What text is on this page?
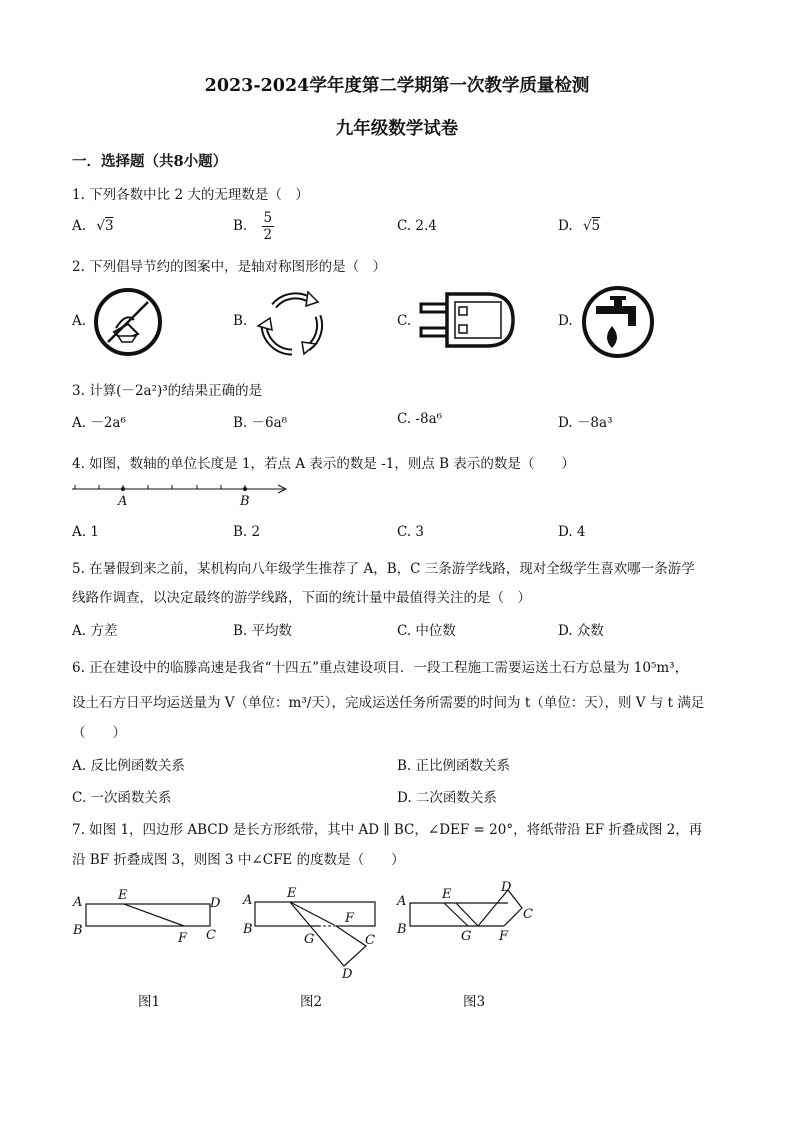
2023-2024学年度第二学期第一次教学质量检测
九年级数学试卷
一．选择题（共8小题）
1. 下列各数中比 2 大的无理数是（　）
A. √3	B. $\frac{5}{2}$	C. 2.4	D. √5
2. 下列倡导节约的图案中，是轴对称图形的是（　）
A.	B.	C.	D.
3. 计算(－2a²)³的结果正确的是
A. －2a⁶	B. －6a⁸	C. -8a⁶	D. －8a³
4. 如图，数轴的单位长度是 1，若点 A 表示的数是 -1，则点 B 表示的数是（　　）
A	B
A. 1	B. 2	C. 3	D. 4
5. 在暑假到来之前，某机构向八年级学生推荐了 A，B，C 三条游学线路，现对全级学生喜欢哪一条游学
线路作调查，以决定最终的游学线路，下面的统计量中最值得关注的是（　）
A. 方差	B. 平均数	C. 中位数	D. 众数
6. 正在建设中的临滕高速是我省“十四五”重点建设项目．一段工程施工需要运送土石方总量为 10⁵m³，
设土石方日平均运送量为 V（单位：m³/天），完成运送任务所需要的时间为 t（单位：天），则 V 与 t 满足
（　　）
A. 反比例函数关系	B. 正比例函数关系
C. 一次函数关系	D. 二次函数关系
7. 如图 1，四边形 ABCD 是长方形纸带，其中 AD ∥ BC，∠DEF = 20°，将纸带沿 EF 折叠成图 2，再
沿 BF 折叠成图 3，则图 3 中∠CFE 的度数是（　　）
A
B
E
D
F C
A
B
E
F
G	C
D
A
B
E	D
C
G F
图1	图2	图3
